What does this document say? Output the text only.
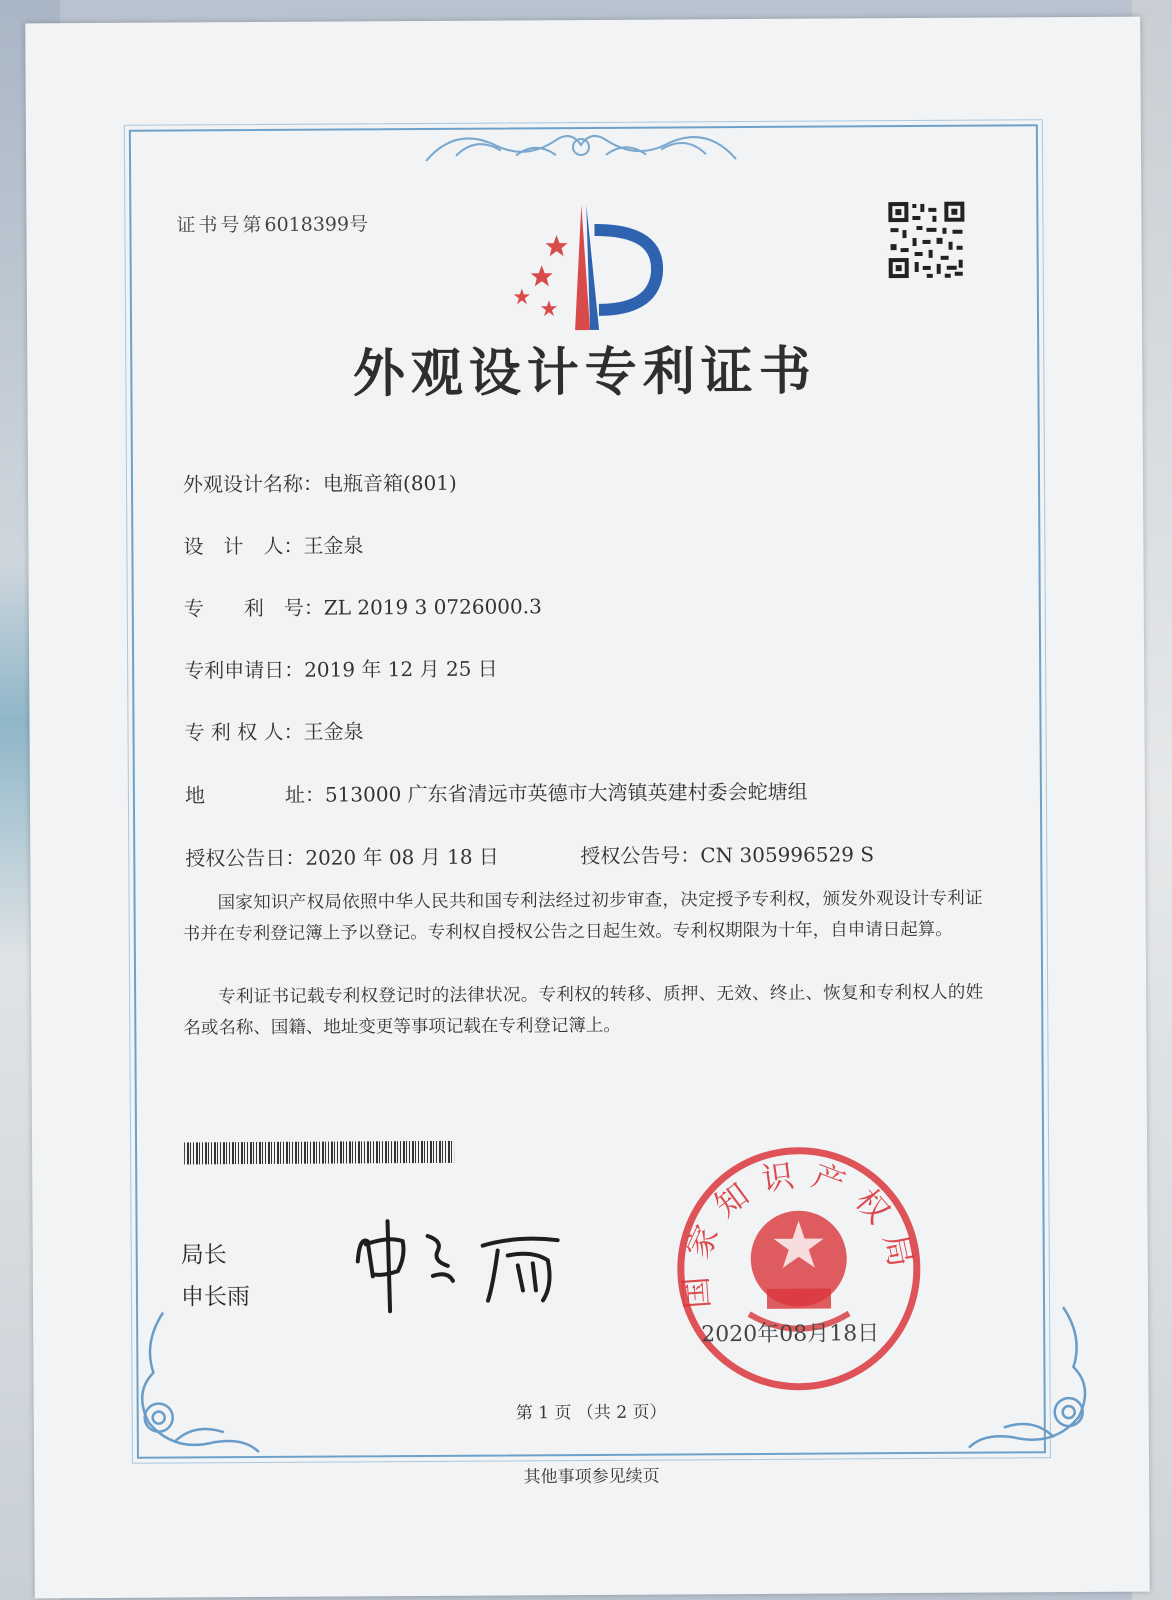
证书号第6018399号
外观设计专利证书
外观设计名称：电瓶音箱(801)
设　计　人：王金泉
专　　利　号：ZL 2019 3 0726000.3
专利申请日：2019 年 12 月 25 日
专 利 权 人：王金泉
地　　　　址：513000 广东省清远市英德市大湾镇英建村委会蛇塘组
授权公告日：2020 年 08 月 18 日	授权公告号：CN 305996529 S
国家知识产权局依照中华人民共和国专利法经过初步审查，决定授予专利权，颁发外观设计专利证书并在专利登记簿上予以登记。专利权自授权公告之日起生效。专利权期限为十年，自申请日起算。
专利证书记载专利权登记时的法律状况。专利权的转移、质押、无效、终止、恢复和专利权人的姓名或名称、国籍、地址变更等事项记载在专利登记簿上。
局长
申长雨	国家知识产权局
2020年08月18日
第 1 页 （共 2 页）
其他事项参见续页
